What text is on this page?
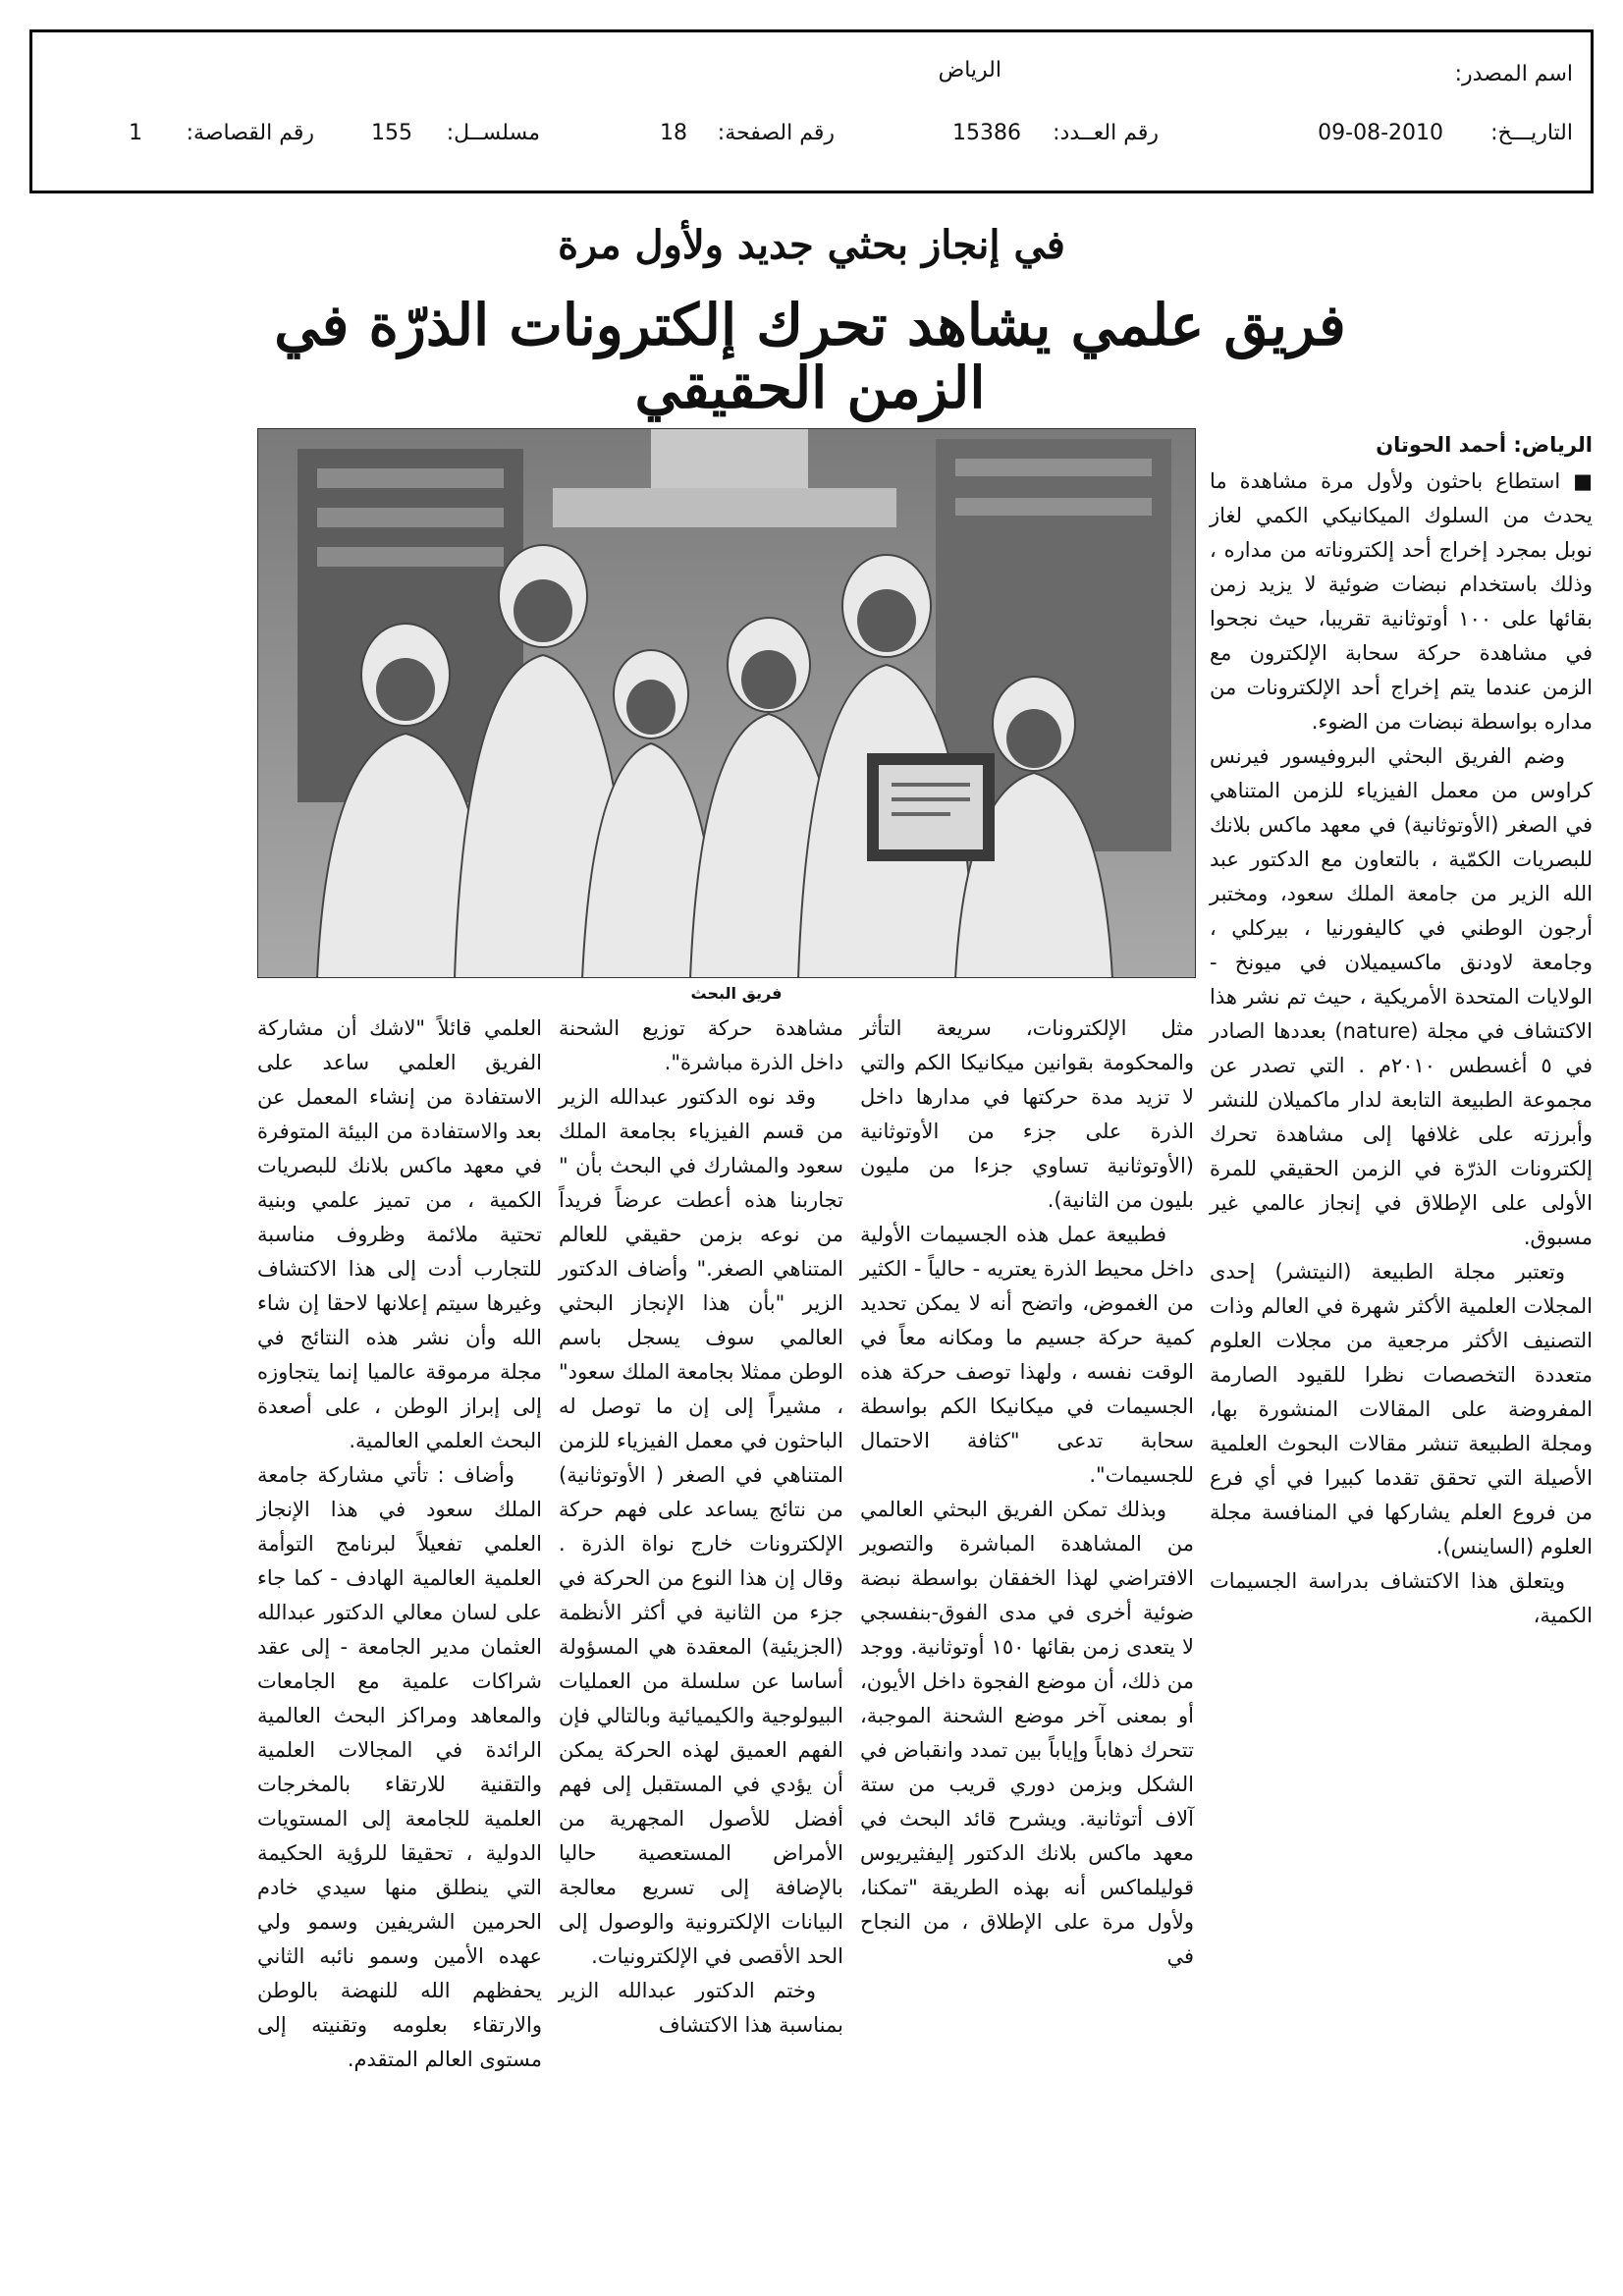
اسم المصدر:
الرياض
التاريـــخ:
09-08-2010
رقم العــدد:
15386
رقم الصفحة:
18
مسلســل:
155
رقم القصاصة:
1
في إنجاز بحثي جديد ولأول مرة
فريق علمي يشاهد تحرك إلكترونات الذرّة في الزمن الحقيقي
فريق البحث
الرياض: أحمد الحوتان

■ استطاع باحثون ولأول مرة مشاهدة ما يحدث من السلوك الميكانيكي الكمي لغاز نوبل بمجرد إخراج أحد إلكتروناته من مداره ، وذلك باستخدام نبضات ضوئية لا يزيد زمن بقائها على ١٠٠ أوتوثانية تقريبا، حيث نجحوا في مشاهدة حركة سحابة الإلكترون مع الزمن عندما يتم إخراج أحد الإلكترونات من مداره بواسطة نبضات من الضوء.

وضم الفريق البحثي البروفيسور فيرنس كراوس من معمل الفيزياء للزمن المتناهي في الصغر (الأوتوثانية) في معهد ماكس بلانك للبصريات الكمّية ، بالتعاون مع الدكتور عبد الله الزير من جامعة الملك سعود، ومختبر أرجون الوطني في كاليفورنيا ، بيركلي ، وجامعة لاودنق ماكسيميلان في ميونخ - الولايات المتحدة الأمريكية ، حيث تم نشر هذا الاكتشاف في مجلة (nature) بعددها الصادر في ٥ أغسطس ٢٠١٠م . التي تصدر عن مجموعة الطبيعة التابعة لدار ماكميلان للنشر وأبرزته على غلافها إلى مشاهدة تحرك إلكترونات الذرّة في الزمن الحقيقي للمرة الأولى على الإطلاق في إنجاز عالمي غير مسبوق.

وتعتبر مجلة الطبيعة (النيتشر) إحدى المجلات العلمية الأكثر شهرة في العالم وذات التصنيف الأكثر مرجعية من مجلات العلوم متعددة التخصصات نظرا للقيود الصارمة المفروضة على المقالات المنشورة بها، ومجلة الطبيعة تنشر مقالات البحوث العلمية الأصيلة التي تحقق تقدما كبيرا في أي فرع من فروع العلم يشاركها في المنافسة مجلة العلوم (الساينس).

ويتعلق هذا الاكتشاف بدراسة الجسيمات الكمية،

مثل الإلكترونات، سريعة التأثر والمحكومة بقوانين ميكانيكا الكم والتي لا تزيد مدة حركتها في مدارها داخل الذرة على جزء من الأوتوثانية (الأوتوثانية تساوي جزءا من مليون بليون من الثانية).

فطبيعة عمل هذه الجسيمات الأولية داخل محيط الذرة يعتريه - حالياً - الكثير من الغموض، واتضح أنه لا يمكن تحديد كمية حركة جسيم ما ومكانه معاً في الوقت نفسه ، ولهذا توصف حركة هذه الجسيمات في ميكانيكا الكم بواسطة سحابة تدعى "كثافة الاحتمال للجسيمات".

وبذلك تمكن الفريق البحثي العالمي من المشاهدة المباشرة والتصوير الافتراضي لهذا الخفقان بواسطة نبضة ضوئية أخرى في مدى الفوق-بنفسجي لا يتعدى زمن بقائها ١٥٠ أوتوثانية. ووجد من ذلك، أن موضع الفجوة داخل الأيون، أو بمعنى آخر موضع الشحنة الموجبة، تتحرك ذهاباً وإياباً بين تمدد وانقباض في الشكل وبزمن دوري قريب من ستة آلاف أتوثانية. ويشرح قائد البحث في معهد ماكس بلانك الدكتور إليفثيريوس قوليلماكس أنه بهذه الطريقة "تمكنا، ولأول مرة على الإطلاق ، من النجاح في

مشاهدة حركة توزيع الشحنة داخل الذرة مباشرة".

وقد نوه الدكتور عبدالله الزير من قسم الفيزياء بجامعة الملك سعود والمشارك في البحث بأن " تجاربنا هذه أعطت عرضاً فريداً من نوعه بزمن حقيقي للعالم المتناهي الصغر." وأضاف الدكتور الزير "بأن هذا الإنجاز البحثي العالمي سوف يسجل باسم الوطن ممثلا بجامعة الملك سعود" ، مشيراً إلى إن ما توصل له الباحثون في معمل الفيزياء للزمن المتناهي في الصغر ( الأوتوثانية) من نتائج يساعد على فهم حركة الإلكترونات خارج نواة الذرة . وقال إن هذا النوع من الحركة في جزء من الثانية في أكثر الأنظمة (الجزيئية) المعقدة هي المسؤولة أساسا عن سلسلة من العمليات البيولوجية والكيميائية وبالتالي فإن الفهم العميق لهذه الحركة يمكن أن يؤدي في المستقبل إلى فهم أفضل للأصول المجهرية من الأمراض المستعصية حاليا بالإضافة إلى تسريع معالجة البيانات الإلكترونية والوصول إلى الحد الأقصى في الإلكترونيات.

وختم الدكتور عبدالله الزير بمناسبة هذا الاكتشاف

العلمي قائلاً "لاشك أن مشاركة الفريق العلمي ساعد على الاستفادة من إنشاء المعمل عن بعد والاستفادة من البيئة المتوفرة في معهد ماكس بلانك للبصريات الكمية ، من تميز علمي وبنية تحتية ملائمة وظروف مناسبة للتجارب أدت إلى هذا الاكتشاف وغيرها سيتم إعلانها لاحقا إن شاء الله وأن نشر هذه النتائج في مجلة مرموقة عالميا إنما يتجاوزه إلى إبراز الوطن ، على أصعدة البحث العلمي العالمية.

وأضاف : تأتي مشاركة جامعة الملك سعود في هذا الإنجاز العلمي تفعيلاً لبرنامج التوأمة العلمية العالمية الهادف - كما جاء على لسان معالي الدكتور عبدالله العثمان مدير الجامعة - إلى عقد شراكات علمية مع الجامعات والمعاهد ومراكز البحث العالمية الرائدة في المجالات العلمية والتقنية للارتقاء بالمخرجات العلمية للجامعة إلى المستويات الدولية ، تحقيقا للرؤية الحكيمة التي ينطلق منها سيدي خادم الحرمين الشريفين وسمو ولي عهده الأمين وسمو نائبه الثاني يحفظهم الله للنهضة بالوطن والارتقاء بعلومه وتقنيته إلى مستوى العالم المتقدم.
